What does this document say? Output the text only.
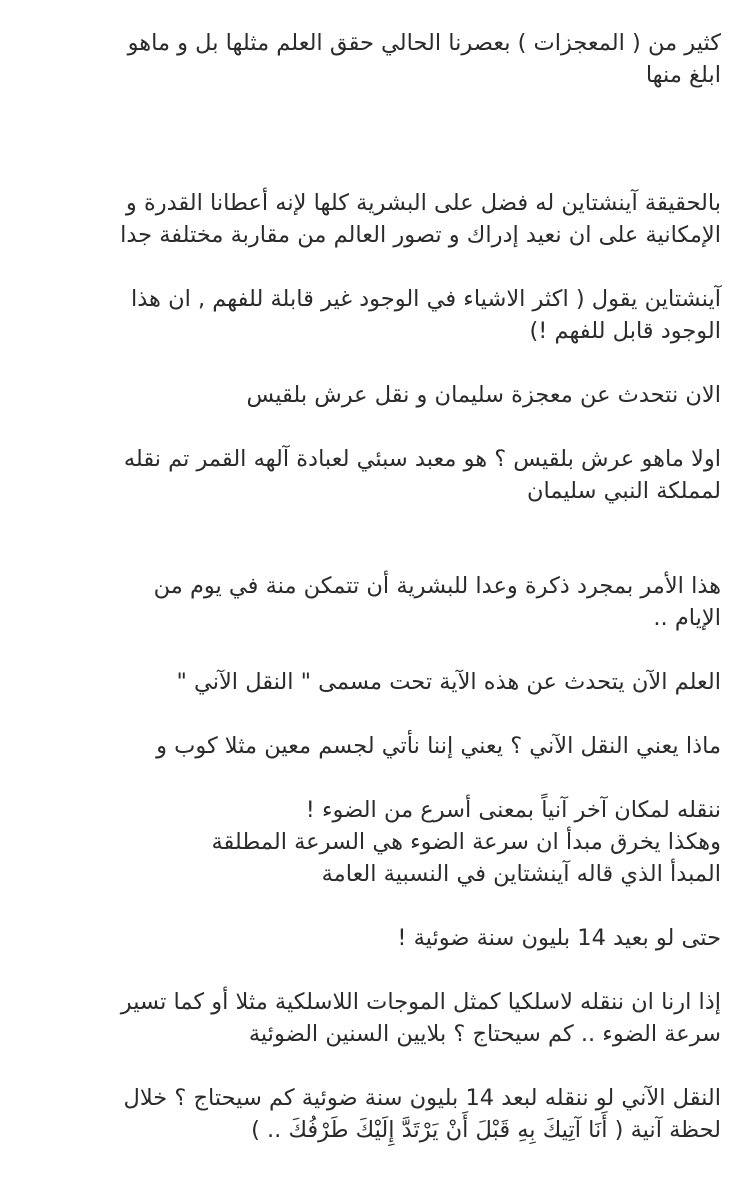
كثير من ( المعجزات ) بعصرنا الحالي حقق العلم مثلها بل و ماهو
ابلغ منها
بالحقيقة آينشتاين له فضل على البشرية كلها لإنه أعطانا القدرة و
الإمكانية على ان نعيد إدراك و تصور العالم من مقاربة مختلفة جدا
آينشتاين يقول ( اكثر الاشياء في الوجود غير قابلة للفهم , ان هذا
الوجود قابل للفهم !)
الان نتحدث عن معجزة سليمان و نقل عرش بلقيس
اولا ماهو عرش بلقيس ؟ هو معبد سبئي لعبادة آلهه القمر تم نقله
لمملكة النبي سليمان
هذا الأمر بمجرد ذكرة وعدا للبشرية أن تتمكن منة في يوم من
الإيام ..
العلم الآن يتحدث عن هذه الآية تحت مسمى " النقل الآني "
ماذا يعني النقل الآني ؟ يعني إننا نأتي لجسم معين مثلا كوب و
ننقله لمكان آخر آنياً بمعنى أسرع من الضوء !
وهكذا يخرق مبدأ ان سرعة الضوء هي السرعة المطلقة
المبدأ الذي قاله آينشتاين في النسبية العامة
حتى لو بعيد 14 بليون سنة ضوئية !
إذا ارنا ان ننقله لاسلكيا كمثل الموجات اللاسلكية مثلا أو كما تسير
سرعة الضوء .. كم سيحتاج ؟ بلايين السنين الضوئية
النقل الآني لو ننقله لبعد 14 بليون سنة ضوئية كم سيحتاج ؟ خلال
لحظة آنية ( أَنَا آتِيكَ بِهِ قَبْلَ أَنْ يَرْتَدَّ إِلَيْكَ طَرْفُكَ .. )
